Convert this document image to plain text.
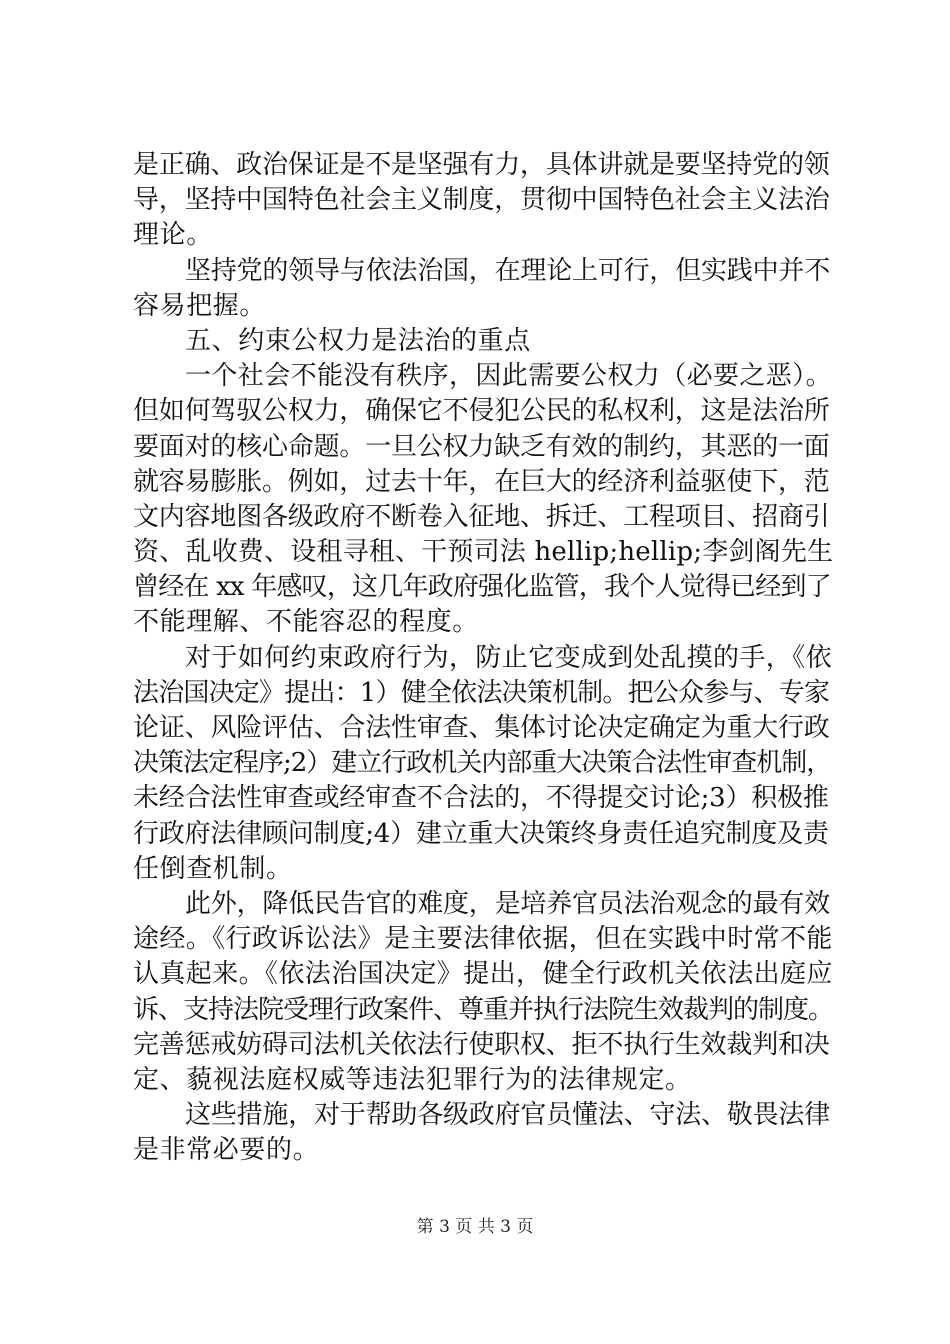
是正确、政治保证是不是坚强有力，具体讲就是要坚持党的领
导，坚持中国特色社会主义制度，贯彻中国特色社会主义法治
理论。
坚持党的领导与依法治国，在理论上可行，但实践中并不
容易把握。
五、约束公权力是法治的重点
一个社会不能没有秩序，因此需要公权力（必要之恶）。
但如何驾驭公权力，确保它不侵犯公民的私权利，这是法治所
要面对的核心命题。一旦公权力缺乏有效的制约，其恶的一面
就容易膨胀。例如，过去十年，在巨大的经济利益驱使下，范
文内容地图各级政府不断卷入征地、拆迁、工程项目、招商引
资、乱收费、设租寻租、干预司法 hellip;hellip;李剑阁先生
曾经在 xx 年感叹，这几年政府强化监管，我个人觉得已经到了
不能理解、不能容忍的程度。
对于如何约束政府行为，防止它变成到处乱摸的手，《依
法治国决定》提出：1）健全依法决策机制。把公众参与、专家
论证、风险评估、合法性审查、集体讨论决定确定为重大行政
决策法定程序;2）建立行政机关内部重大决策合法性审查机制，
未经合法性审查或经审查不合法的，不得提交讨论;3）积极推
行政府法律顾问制度;4）建立重大决策终身责任追究制度及责
任倒查机制。
此外，降低民告官的难度，是培养官员法治观念的最有效
途经。《行政诉讼法》是主要法律依据，但在实践中时常不能
认真起来。《依法治国决定》提出，健全行政机关依法出庭应
诉、支持法院受理行政案件、尊重并执行法院生效裁判的制度。
完善惩戒妨碍司法机关依法行使职权、拒不执行生效裁判和决
定、藐视法庭权威等违法犯罪行为的法律规定。
这些措施，对于帮助各级政府官员懂法、守法、敬畏法律
是非常必要的。
第 3 页 共 3 页
